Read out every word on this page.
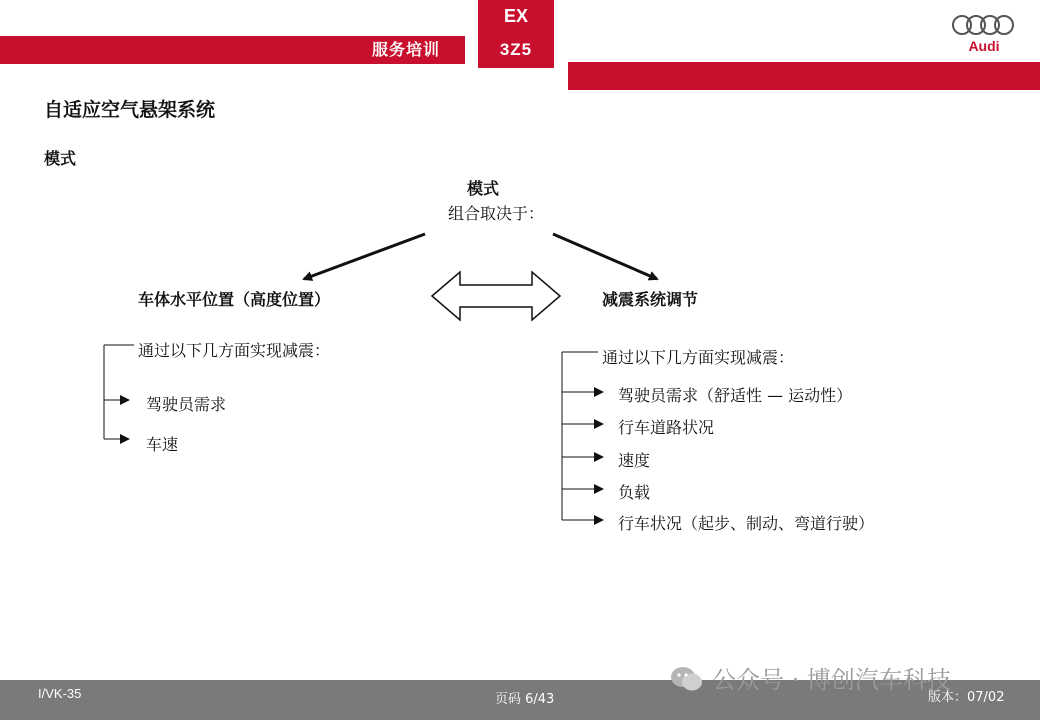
服务培训
EX
3Z5	Audi
自适应空气悬架系统
模式
模式
组合取决于：
车体水平位置（高度位置）	减震系统调节
通过以下几方面实现减震：
驾驶员需求
车速
通过以下几方面实现减震：
驾驶员需求（舒适性 — 运动性）
行车道路状况
速度
负载
行车状况（起步、制动、弯道行驶）
I/VK-35	页码 6/43	版本：07/02
公众号 · 博创汽车科技
